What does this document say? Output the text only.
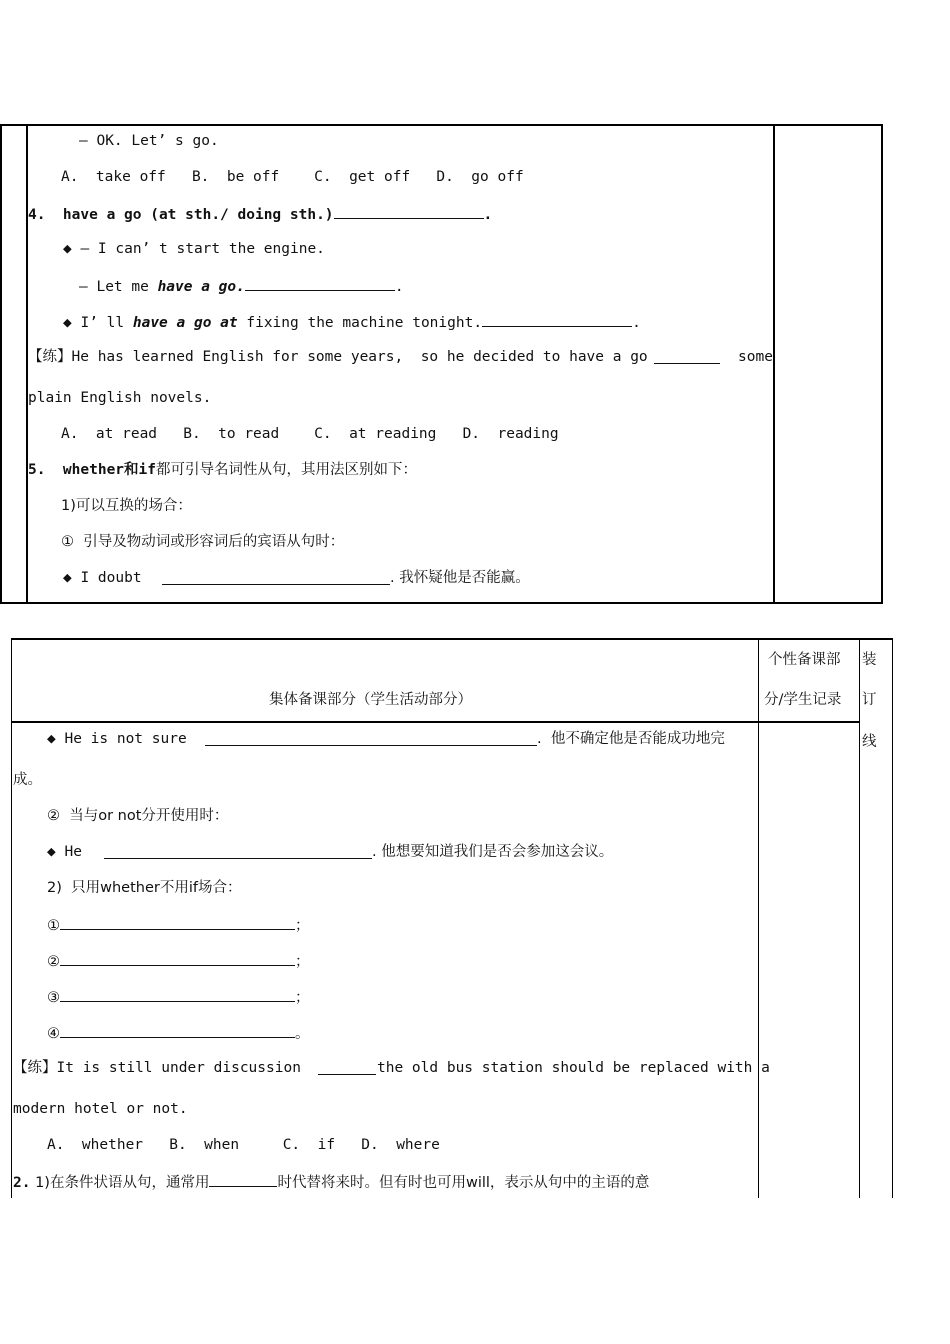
— OK. Let’ s go.
A.  take off   B.  be off    C.  get off   D.  go off
4.  have a go (at sth./ doing sth.)	.
◆ — I can’ t start the engine.
— Let me have a go.	.
◆ I’ ll have a go at fixing the machine tonight.	.
【练】He has learned English for some years,  so he decided to have a go	some
plain English novels.
A.  at read   B.  to read    C.  at reading   D.  reading
5.  whether和if都可引导名词性从句，其用法区别如下：
1)可以互换的场合：
①  引导及物动词或形容词后的宾语从句时：
◆ I doubt	. 我怀疑他是否能赢。
集体备课部分（学生活动部分）
个性备课部
分/学生记录
装
订
线
◆ He is not sure	.  他不确定他是否能成功地完
成。
②  当与or not分开使用时：
◆ He	. 他想要知道我们是否会参加这会议。
2)  只用whether不用if场合：
①	；
②	；
③	；
④	。
【练】It is still under discussion	the old bus station should be replaced with a
modern hotel or not.
A.  whether   B.  when     C.  if   D.  where
2. 1)在条件状语从句，通常用	时代替将来时。但有时也可用will，表示从句中的主语的意
